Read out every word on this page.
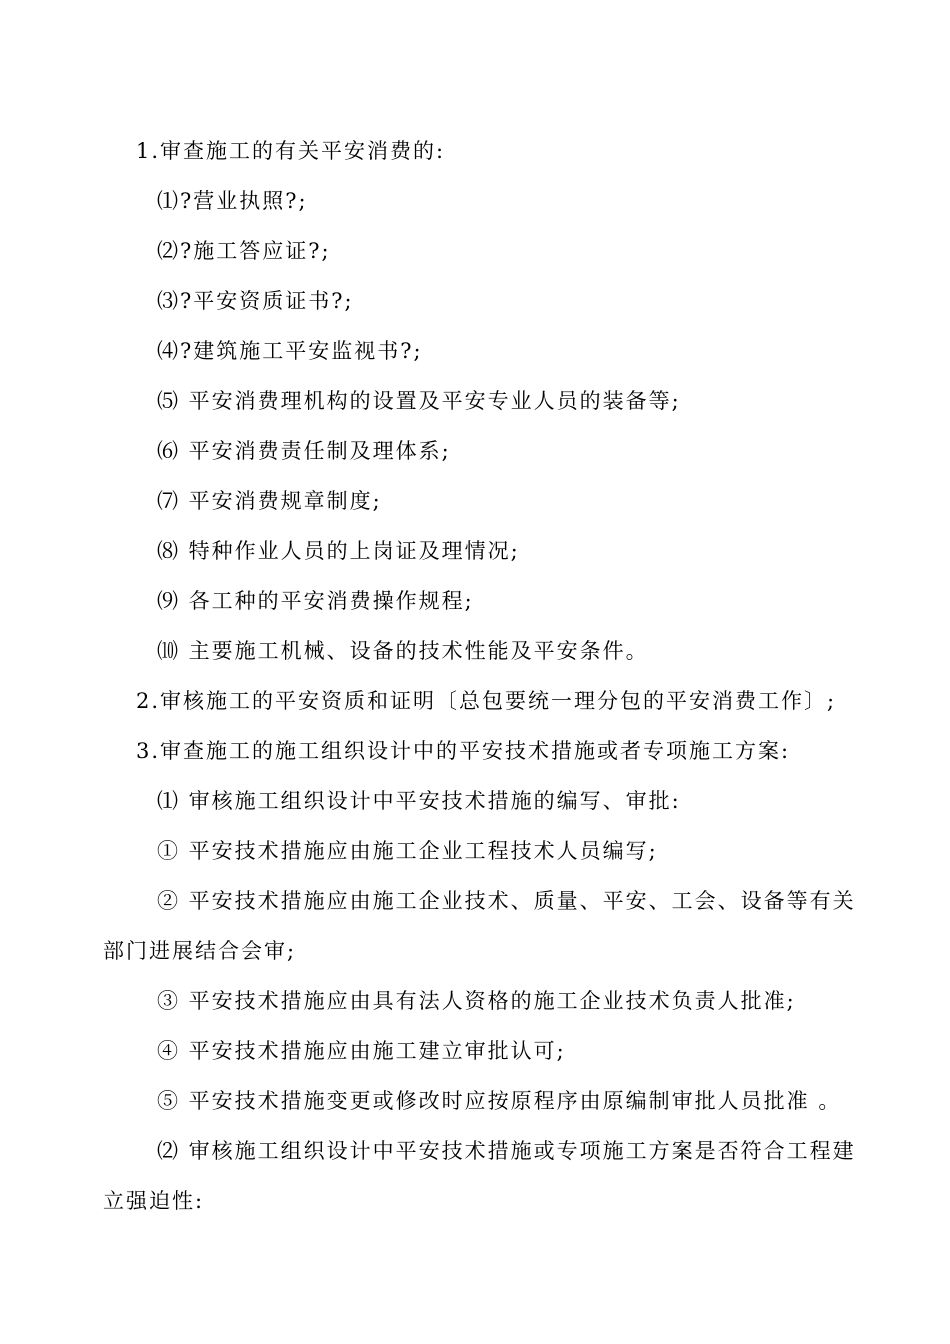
1.审查施工的有关平安消费的:
⑴?营业执照?;
⑵?施工答应证?;
⑶?平安资质证书?;
⑷?建筑施工平安监视书?;
⑸ 平安消费理机构的设置及平安专业人员的装备等;
⑹ 平安消费责任制及理体系;
⑺ 平安消费规章制度;
⑻ 特种作业人员的上岗证及理情况;
⑼ 各工种的平安消费操作规程;
⑽ 主要施工机械、设备的技术性能及平安条件。
2.审核施工的平安资质和证明〔总包要统一理分包的平安消费工作〕;
3.审查施工的施工组织设计中的平安技术措施或者专项施工方案:
⑴ 审核施工组织设计中平安技术措施的编写、审批:
① 平安技术措施应由施工企业工程技术人员编写;
② 平安技术措施应由施工企业技术、质量、平安、工会、设备等有关
部门进展结合会审;
③ 平安技术措施应由具有法人资格的施工企业技术负责人批准;
④ 平安技术措施应由施工建立审批认可;
⑤ 平安技术措施变更或修改时应按原程序由原编制审批人员批准 。
⑵ 审核施工组织设计中平安技术措施或专项施工方案是否符合工程建
立强迫性:
